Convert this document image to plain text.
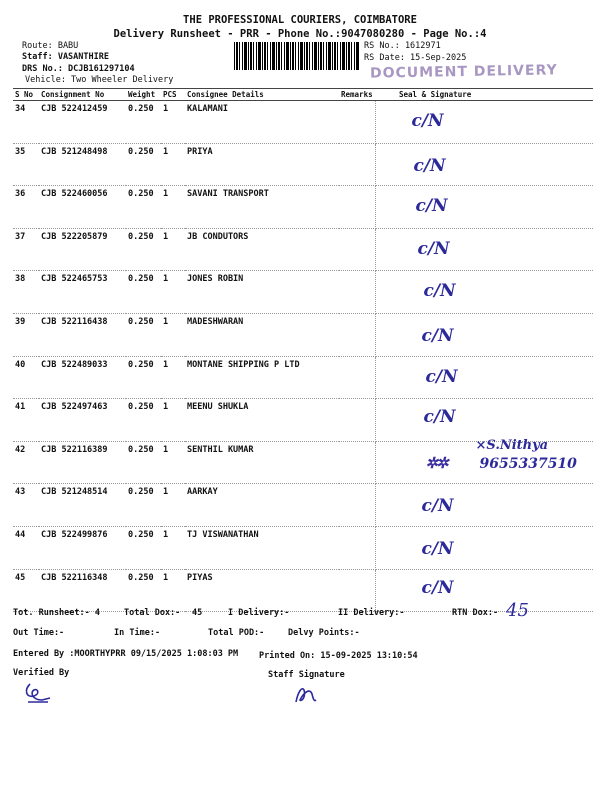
THE PROFESSIONAL COURIERS, COIMBATORE
Delivery Runsheet - PRR - Phone No.:9047080280 - Page No.:4
Route: BABU
Staff: VASANTHIRE
DRS No.: DCJB161297104
Vehicle: Two Wheeler Delivery
RS No.: 1612971
RS Date: 15-Sep-2025
DOCUMENT DELIVERY
S No	Consignment No	Weight	PCS	Consignee Details	Remarks	Seal & Signature
34	CJB 522412459	0.250	1	KALAMANI		c/N

35	CJB 521248498	0.250	1	PRIYA		c/N

36	CJB 522460056	0.250	1	SAVANI TRANSPORT		c/N

37	CJB 522205879	0.250	1	JB CONDUTORS		c/N

38	CJB 522465753	0.250	1	JONES ROBIN		c/N

39	CJB 522116438	0.250	1	MADESHWARAN		c/N

40	CJB 522489033	0.250	1	MONTANE SHIPPING P LTD		c/N

41	CJB 522497463	0.250	1	MEENU SHUKLA		c/N

42	CJB 522116389	0.250	1	SENTHIL KUMAR		×S.Nithya
✲✲ 9655337510

43	CJB 521248514	0.250	1	AARKAY		c/N

44	CJB 522499876	0.250	1	TJ VISWANATHAN		c/N

45	CJB 522116348	0.250	1	PIYAS		c/N
Tot. Runsheet:- 4	Total Dox:- 45	I Delivery:-	II Delivery:-	RTN Dox:- 45
Out Time:-	In Time:-	Total POD:-	Delvy Points:-
Entered By :MOORTHYPRR 09/15/2025 1:08:03 PM Printed On: 15-09-2025 13:10:54
Verified By	Staff Signature
